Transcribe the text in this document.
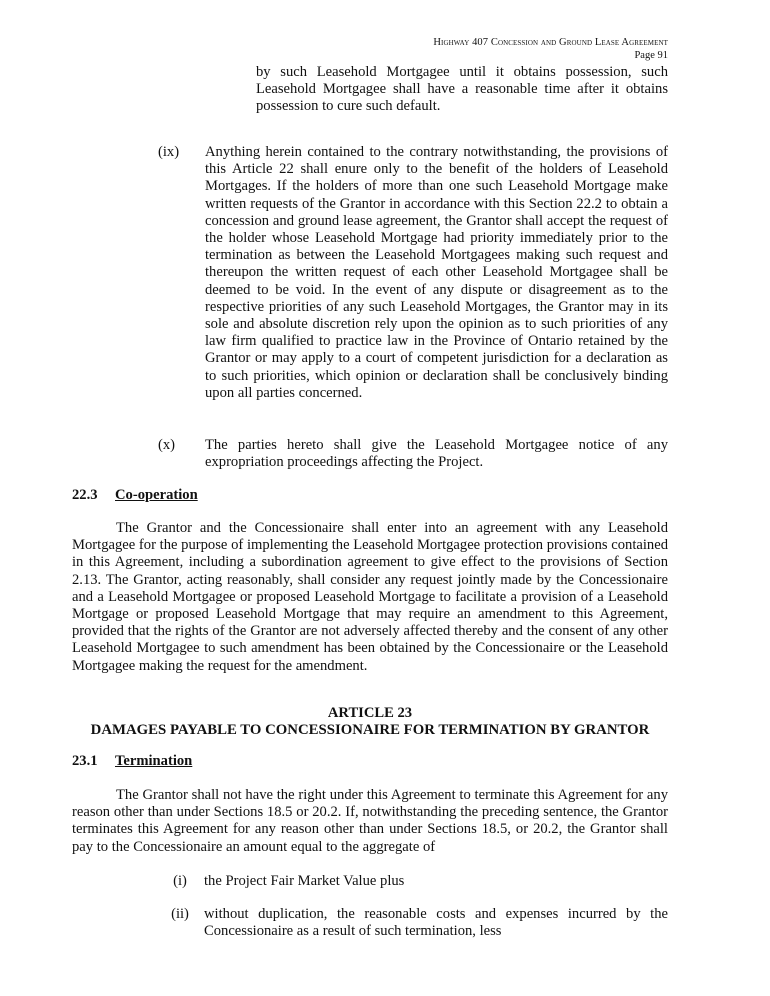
Highway 407 Concession and Ground Lease Agreement
Page 91
by such Leasehold Mortgagee until it obtains possession, such Leasehold Mortgagee shall have a reasonable time after it obtains possession to cure such default.
(ix)	Anything herein contained to the contrary notwithstanding, the provisions of this Article 22 shall enure only to the benefit of the holders of Leasehold Mortgages. If the holders of more than one such Leasehold Mortgage make written requests of the Grantor in accordance with this Section 22.2 to obtain a concession and ground lease agreement, the Grantor shall accept the request of the holder whose Leasehold Mortgage had priority immediately prior to the termination as between the Leasehold Mortgagees making such request and thereupon the written request of each other Leasehold Mortgagee shall be deemed to be void. In the event of any dispute or disagreement as to the respective priorities of any such Leasehold Mortgages, the Grantor may in its sole and absolute discretion rely upon the opinion as to such priorities of any law firm qualified to practice law in the Province of Ontario retained by the Grantor or may apply to a court of competent jurisdiction for a declaration as to such priorities, which opinion or declaration shall be conclusively binding upon all parties concerned.
(x)	The parties hereto shall give the Leasehold Mortgagee notice of any expropriation proceedings affecting the Project.
22.3 Co-operation
The Grantor and the Concessionaire shall enter into an agreement with any Leasehold Mortgagee for the purpose of implementing the Leasehold Mortgagee protection provisions contained in this Agreement, including a subordination agreement to give effect to the provisions of Section 2.13. The Grantor, acting reasonably, shall consider any request jointly made by the Concessionaire and a Leasehold Mortgagee or proposed Leasehold Mortgage to facilitate a provision of a Leasehold Mortgage or proposed Leasehold Mortgage that may require an amendment to this Agreement, provided that the rights of the Grantor are not adversely affected thereby and the consent of any other Leasehold Mortgagee to such amendment has been obtained by the Concessionaire or the Leasehold Mortgagee making the request for the amendment.
ARTICLE 23
DAMAGES PAYABLE TO CONCESSIONAIRE FOR TERMINATION BY GRANTOR
23.1 Termination
The Grantor shall not have the right under this Agreement to terminate this Agreement for any reason other than under Sections 18.5 or 20.2. If, notwithstanding the preceding sentence, the Grantor terminates this Agreement for any reason other than under Sections 18.5, or 20.2, the Grantor shall pay to the Concessionaire an amount equal to the aggregate of
(i)	the Project Fair Market Value plus
(ii)	without duplication, the reasonable costs and expenses incurred by the Concessionaire as a result of such termination, less
